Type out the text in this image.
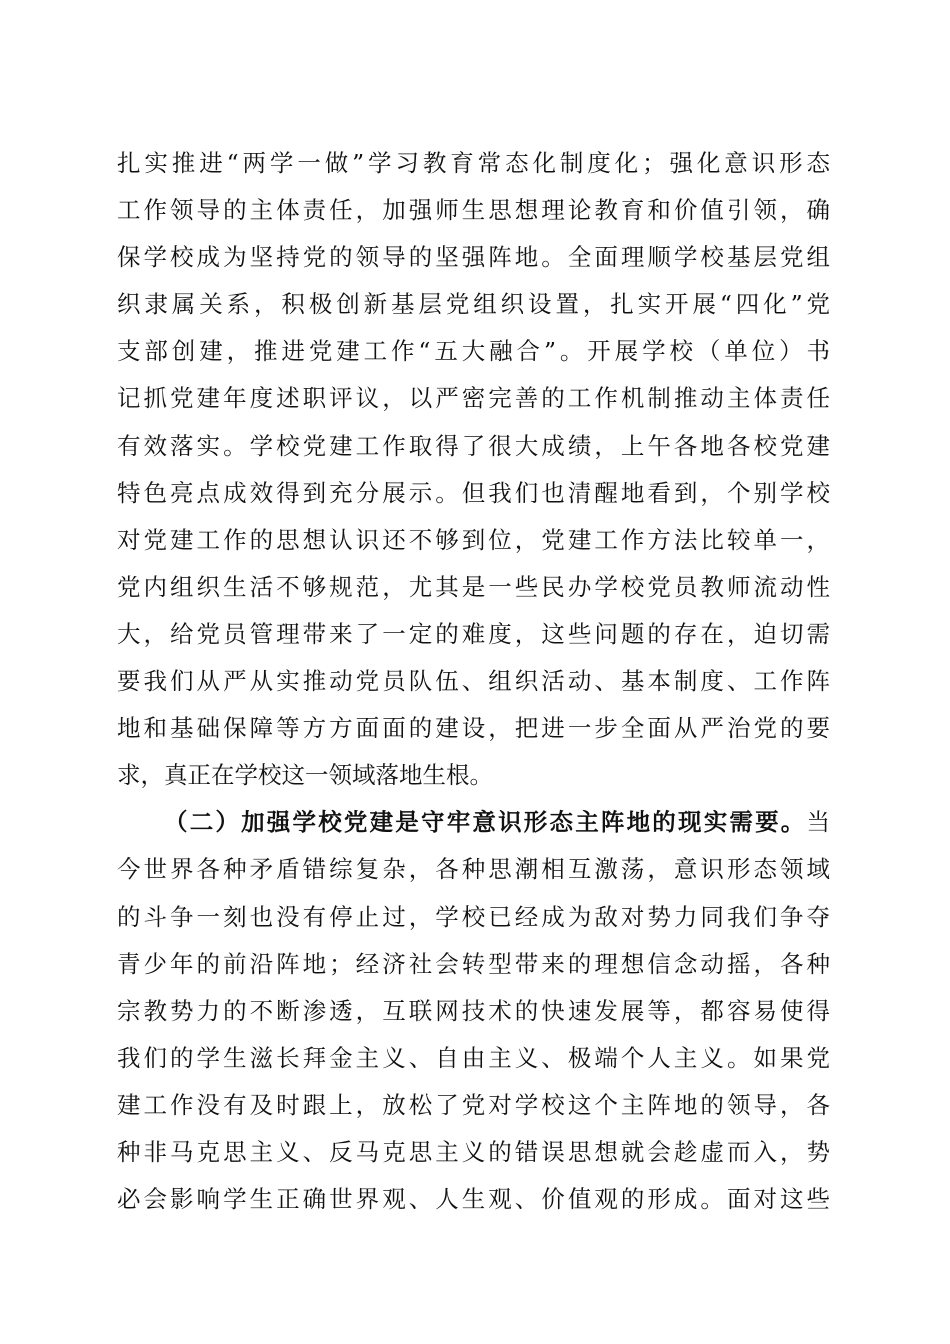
扎实推进“两学一做”学习教育常态化制度化；强化意识形态
工作领导的主体责任，加强师生思想理论教育和价值引领，确
保学校成为坚持党的领导的坚强阵地。全面理顺学校基层党组
织隶属关系，积极创新基层党组织设置，扎实开展“四化”党
支部创建，推进党建工作“五大融合”。开展学校（单位）书
记抓党建年度述职评议，以严密完善的工作机制推动主体责任
有效落实。学校党建工作取得了很大成绩，上午各地各校党建
特色亮点成效得到充分展示。但我们也清醒地看到，个别学校
对党建工作的思想认识还不够到位，党建工作方法比较单一，
党内组织生活不够规范，尤其是一些民办学校党员教师流动性
大，给党员管理带来了一定的难度，这些问题的存在，迫切需
要我们从严从实推动党员队伍、组织活动、基本制度、工作阵
地和基础保障等方方面面的建设，把进一步全面从严治党的要
求，真正在学校这一领域落地生根。
（二）加强学校党建是守牢意识形态主阵地的现实需要。当
今世界各种矛盾错综复杂，各种思潮相互激荡，意识形态领域
的斗争一刻也没有停止过，学校已经成为敌对势力同我们争夺
青少年的前沿阵地；经济社会转型带来的理想信念动摇，各种
宗教势力的不断渗透，互联网技术的快速发展等，都容易使得
我们的学生滋长拜金主义、自由主义、极端个人主义。如果党
建工作没有及时跟上，放松了党对学校这个主阵地的领导，各
种非马克思主义、反马克思主义的错误思想就会趁虚而入，势
必会影响学生正确世界观、人生观、价值观的形成。面对这些
